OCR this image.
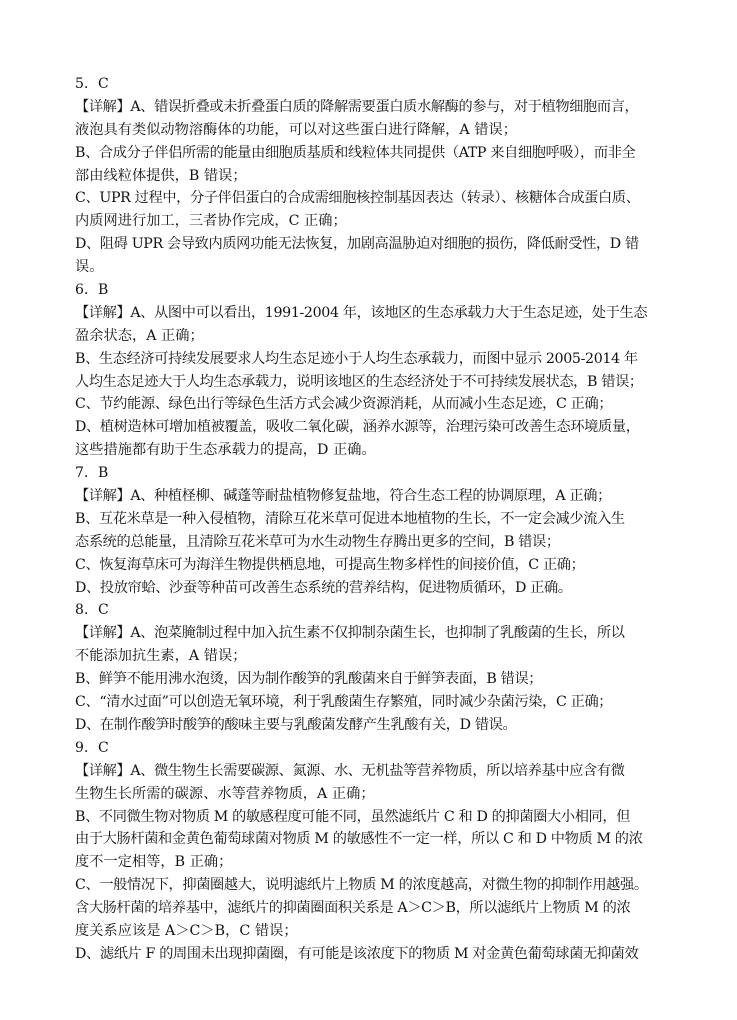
5．C
【详解】A、错误折叠或未折叠蛋白质的降解需要蛋白质水解酶的参与，对于植物细胞而言，
液泡具有类似动物溶酶体的功能，可以对这些蛋白进行降解，A 错误；
B、合成分子伴侣所需的能量由细胞质基质和线粒体共同提供（ATP 来自细胞呼吸），而非全
部由线粒体提供，B 错误；
C、UPR 过程中，分子伴侣蛋白的合成需细胞核控制基因表达（转录）、核糖体合成蛋白质、
内质网进行加工，三者协作完成，C 正确；
D、阻碍 UPR 会导致内质网功能无法恢复，加剧高温胁迫对细胞的损伤，降低耐受性，D 错
误。
6．B
【详解】A、从图中可以看出，1991-2004 年，该地区的生态承载力大于生态足迹，处于生态
盈余状态，A 正确；
B、生态经济可持续发展要求人均生态足迹小于人均生态承载力，而图中显示 2005-2014 年
人均生态足迹大于人均生态承载力，说明该地区的生态经济处于不可持续发展状态，B 错误；
C、节约能源、绿色出行等绿色生活方式会减少资源消耗，从而减小生态足迹，C 正确；
D、植树造林可增加植被覆盖，吸收二氧化碳，涵养水源等，治理污染可改善生态环境质量，
这些措施都有助于生态承载力的提高，D 正确。
7．B
【详解】A、种植柽柳、碱蓬等耐盐植物修复盐地，符合生态工程的协调原理，A 正确；
B、互花米草是一种入侵植物，清除互花米草可促进本地植物的生长，不一定会减少流入生
态系统的总能量，且清除互花米草可为水生动物生存腾出更多的空间，B 错误；
C、恢复海草床可为海洋生物提供栖息地，可提高生物多样性的间接价值，C 正确；
D、投放帘蛤、沙蚕等种苗可改善生态系统的营养结构，促进物质循环，D 正确。
8．C
【详解】A、泡菜腌制过程中加入抗生素不仅抑制杂菌生长，也抑制了乳酸菌的生长，所以
不能添加抗生素，A 错误；
B、鲜笋不能用沸水泡烫，因为制作酸笋的乳酸菌来自于鲜笋表面，B 错误；
C、“清水过面”可以创造无氧环境，利于乳酸菌生存繁殖，同时减少杂菌污染，C 正确；
D、在制作酸笋时酸笋的酸味主要与乳酸菌发酵产生乳酸有关，D 错误。
9．C
【详解】A、微生物生长需要碳源、氮源、水、无机盐等营养物质，所以培养基中应含有微
生物生长所需的碳源、水等营养物质，A 正确；
B、不同微生物对物质 M 的敏感程度可能不同，虽然滤纸片 C 和 D 的抑菌圈大小相同，但
由于大肠杆菌和金黄色葡萄球菌对物质 M 的敏感性不一定一样，所以 C 和 D 中物质 M 的浓
度不一定相等，B 正确；
C、一般情况下，抑菌圈越大，说明滤纸片上物质 M 的浓度越高，对微生物的抑制作用越强。
含大肠杆菌的培养基中，滤纸片的抑菌圈面积关系是 A＞C＞B，所以滤纸片上物质 M 的浓
度关系应该是 A＞C＞B，C 错误；
D、滤纸片 F 的周围未出现抑菌圈，有可能是该浓度下的物质 M 对金黄色葡萄球菌无抑菌效
